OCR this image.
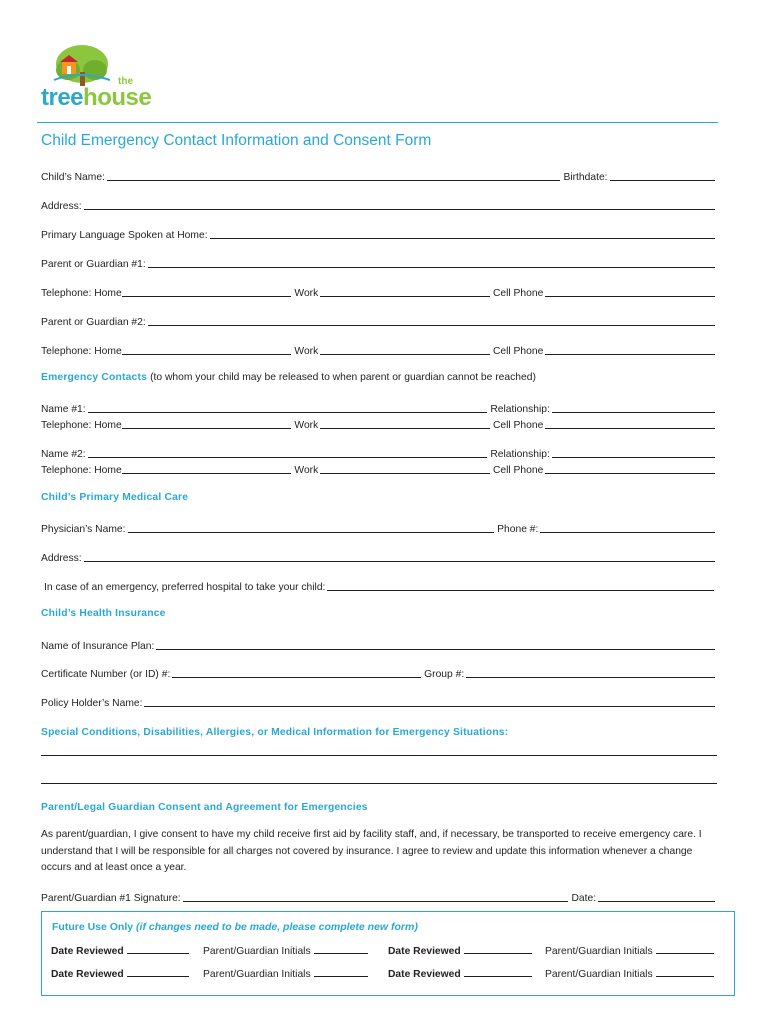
the
treehouse
Child Emergency Contact Information and Consent Form
Child’s Name:	Birthdate:
Address:
Primary Language Spoken at Home:
Parent or Guardian #1:
Telephone: Home	Work	Cell Phone
Parent or Guardian #2:
Telephone: Home	Work	Cell Phone
Emergency Contacts (to whom your child may be released to when parent or guardian cannot be reached)
Name #1:	Relationship:
Telephone: Home	Work	Cell Phone
Name #2:	Relationship:
Telephone: Home	Work	Cell Phone
Child’s Primary Medical Care
Physician’s Name:	Phone #:
Address:
In case of an emergency, preferred hospital to take your child:
Child’s Health Insurance
Name of Insurance Plan:
Certificate Number (or ID) #:	Group #:
Policy Holder’s Name:
Special Conditions, Disabilities, Allergies, or Medical Information for Emergency Situations:
Parent/Legal Guardian Consent and Agreement for Emergencies
As parent/guardian, I give consent to have my child receive first aid by facility staff, and, if necessary, be transported to receive emergency care. I understand that I will be responsible for all charges not covered by insurance. I agree to review and update this information whenever a change occurs and at least once a year.
Parent/Guardian #1 Signature:	Date:
Future Use Only (if changes need to be made, please complete new form)
Date Reviewed	Parent/Guardian Initials	Date Reviewed	Parent/Guardian Initials
Date Reviewed	Parent/Guardian Initials	Date Reviewed	Parent/Guardian Initials
